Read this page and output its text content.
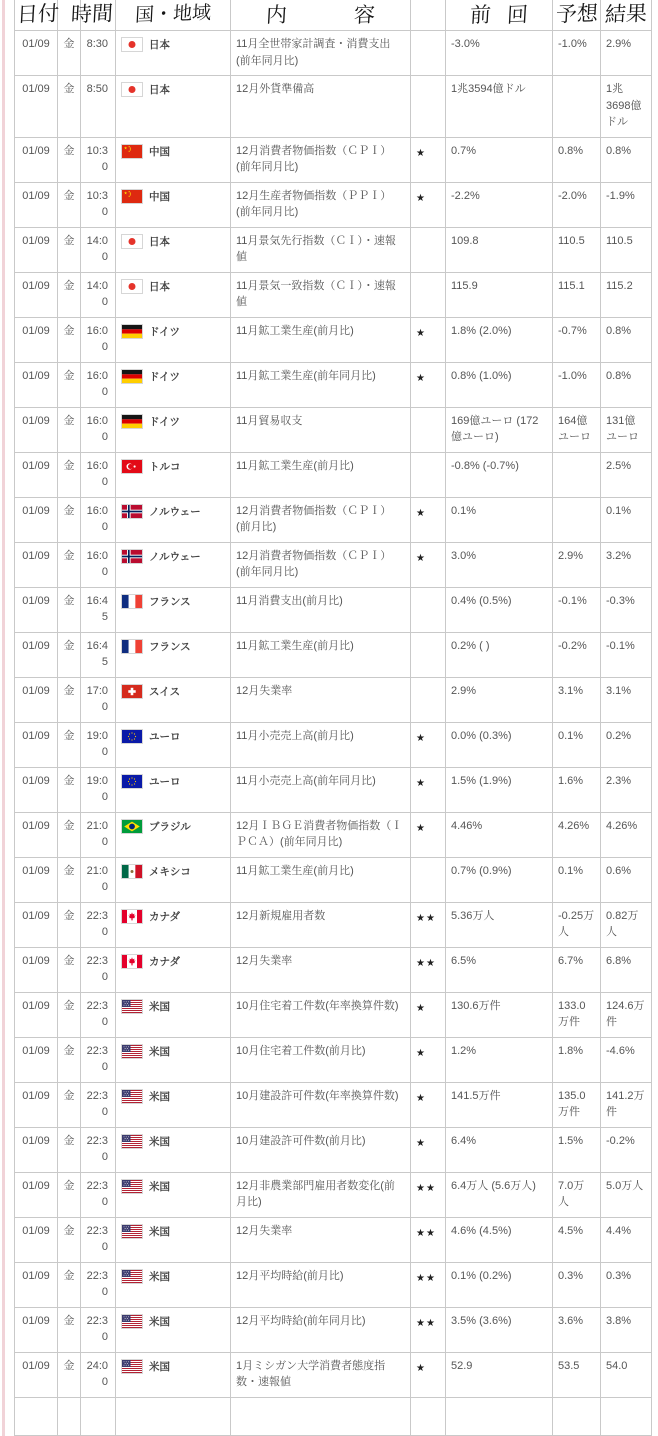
日付		時間	国・地域	内 容		前 回	予想	結果
01/09	金	8:30	日本	11月全世帯家計調査・消費支出(前年同月比)		-3.0%	-1.0%	2.9%
01/09	金	8:50	日本	12月外貨準備高		1兆3594億ドル		1兆3698億ドル
01/09	金	10:30	中国	12月消費者物価指数（ＣＰＩ）(前年同月比)	★	0.7%	0.8%	0.8%
01/09	金	10:30	中国	12月生産者物価指数（ＰＰＩ）(前年同月比)	★	-2.2%	-2.0%	-1.9%
01/09	金	14:00	日本	11月景気先行指数（ＣＩ）・速報値		109.8	110.5	110.5
01/09	金	14:00	日本	11月景気一致指数（ＣＩ）・速報値		115.9	115.1	115.2
01/09	金	16:00	ドイツ	11月鉱工業生産(前月比)	★	1.8% (2.0%)	-0.7%	0.8%
01/09	金	16:00	ドイツ	11月鉱工業生産(前年同月比)	★	0.8% (1.0%)	-1.0%	0.8%
01/09	金	16:00	ドイツ	11月貿易収支		169億ユーロ (172億ユーロ)	164億ユーロ	131億ユーロ
01/09	金	16:00	トルコ	11月鉱工業生産(前月比)		-0.8% (-0.7%)		2.5%
01/09	金	16:00	ノルウェー	12月消費者物価指数（ＣＰＩ）(前月比)	★	0.1%		0.1%
01/09	金	16:00	ノルウェー	12月消費者物価指数（ＣＰＩ）(前年同月比)	★	3.0%	2.9%	3.2%
01/09	金	16:45	フランス	11月消費支出(前月比)		0.4% (0.5%)	-0.1%	-0.3%
01/09	金	16:45	フランス	11月鉱工業生産(前月比)		0.2% ( )	-0.2%	-0.1%
01/09	金	17:00	スイス	12月失業率		2.9%	3.1%	3.1%
01/09	金	19:00	ユーロ	11月小売売上高(前月比)	★	0.0% (0.3%)	0.1%	0.2%
01/09	金	19:00	ユーロ	11月小売売上高(前年同月比)	★	1.5% (1.9%)	1.6%	2.3%
01/09	金	21:00	ブラジル	12月ＩＢＧＥ消費者物価指数（ＩＰＣＡ）(前年同月比)	★	4.46%	4.26%	4.26%
01/09	金	21:00	メキシコ	11月鉱工業生産(前月比)		0.7% (0.9%)	0.1%	0.6%
01/09	金	22:30	カナダ	12月新規雇用者数	★★	5.36万人	-0.25万人	0.82万人
01/09	金	22:30	カナダ	12月失業率	★★	6.5%	6.7%	6.8%
01/09	金	22:30	米国	10月住宅着工件数(年率換算件数)	★	130.6万件	133.0万件	124.6万件
01/09	金	22:30	米国	10月住宅着工件数(前月比)	★	1.2%	1.8%	-4.6%
01/09	金	22:30	米国	10月建設許可件数(年率換算件数)	★	141.5万件	135.0万件	141.2万件
01/09	金	22:30	米国	10月建設許可件数(前月比)	★	6.4%	1.5%	-0.2%
01/09	金	22:30	米国	12月非農業部門雇用者数変化(前月比)	★★	6.4万人 (5.6万人)	7.0万人	5.0万人
01/09	金	22:30	米国	12月失業率	★★	4.6% (4.5%)	4.5%	4.4%
01/09	金	22:30	米国	12月平均時給(前月比)	★★	0.1% (0.2%)	0.3%	0.3%
01/09	金	22:30	米国	12月平均時給(前年同月比)	★★	3.5% (3.6%)	3.6%	3.8%
01/09	金	24:00	米国	1月ミシガン大学消費者態度指数・速報値	★	52.9	53.5	54.0
